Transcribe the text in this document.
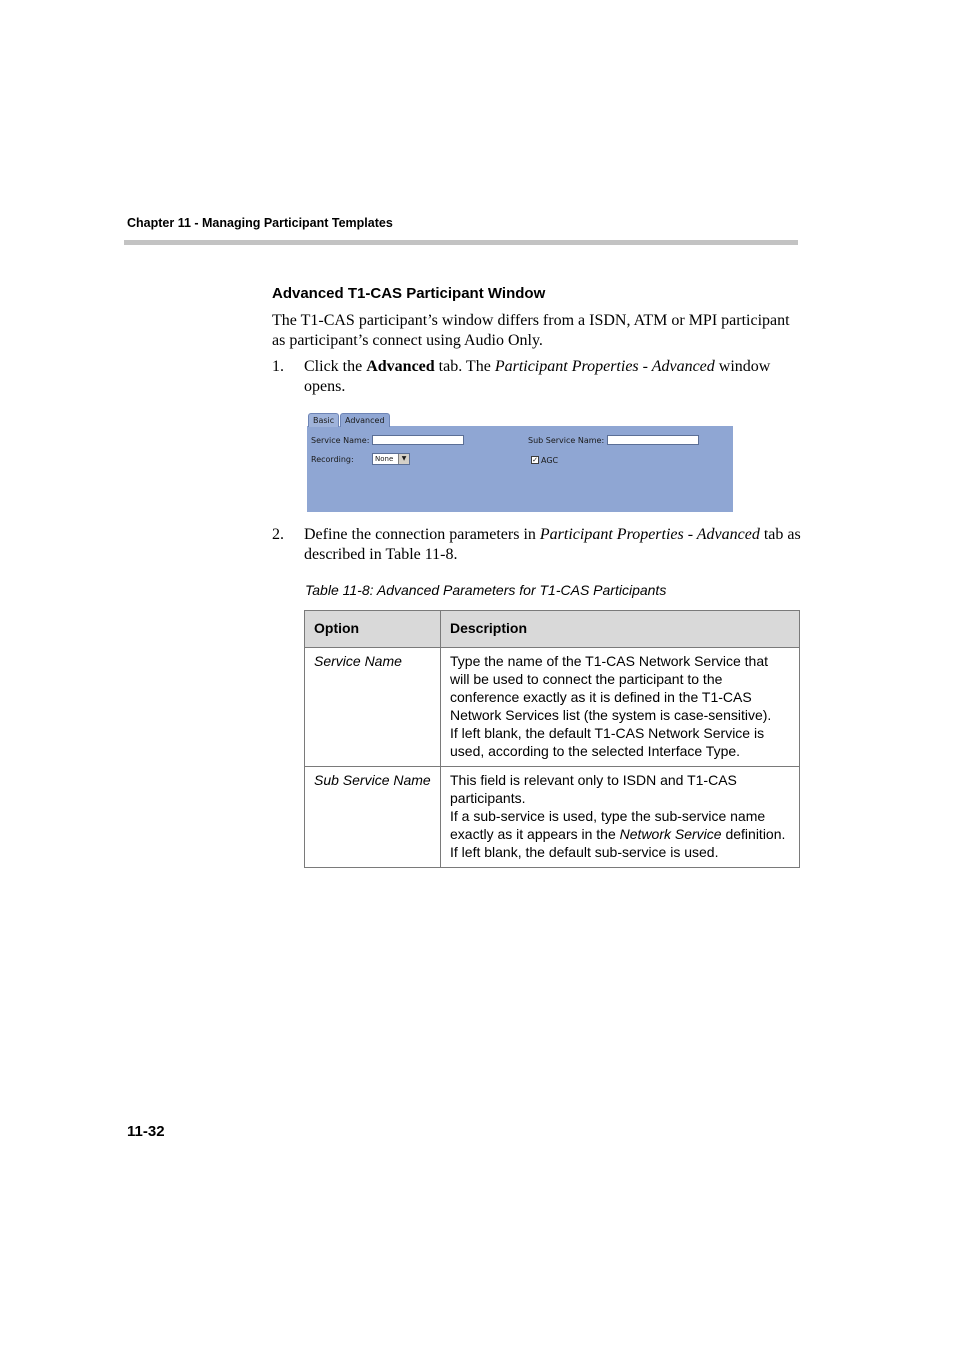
Chapter 11 - Managing Participant Templates
Advanced T1-CAS Participant Window
The T1-CAS participant’s window differs from a ISDN, ATM or MPI participant as participant’s connect using Audio Only.
1. Click the Advanced tab. The Participant Properties - Advanced window opens.
Basic	Advanced
Service Name:	Sub Service Name:
Recording:	None	▼	✓ AGC
2. Define the connection parameters in Participant Properties - Advanced tab as described in Table 11-8.
Table 11-8: Advanced Parameters for T1-CAS Participants
Option	Description
Service Name	Type the name of the T1-CAS Network Service that will be used to connect the participant to the conference exactly as it is defined in the T1-CAS Network Services list (the system is case-sensitive).

If left blank, the default T1-CAS Network Service is used, according to the selected Interface Type.

Sub Service Name	This field is relevant only to ISDN and T1-CAS participants.

If a sub-service is used, type the sub-service name exactly as it appears in the Network Service definition.

If left blank, the default sub-service is used.

11-32
